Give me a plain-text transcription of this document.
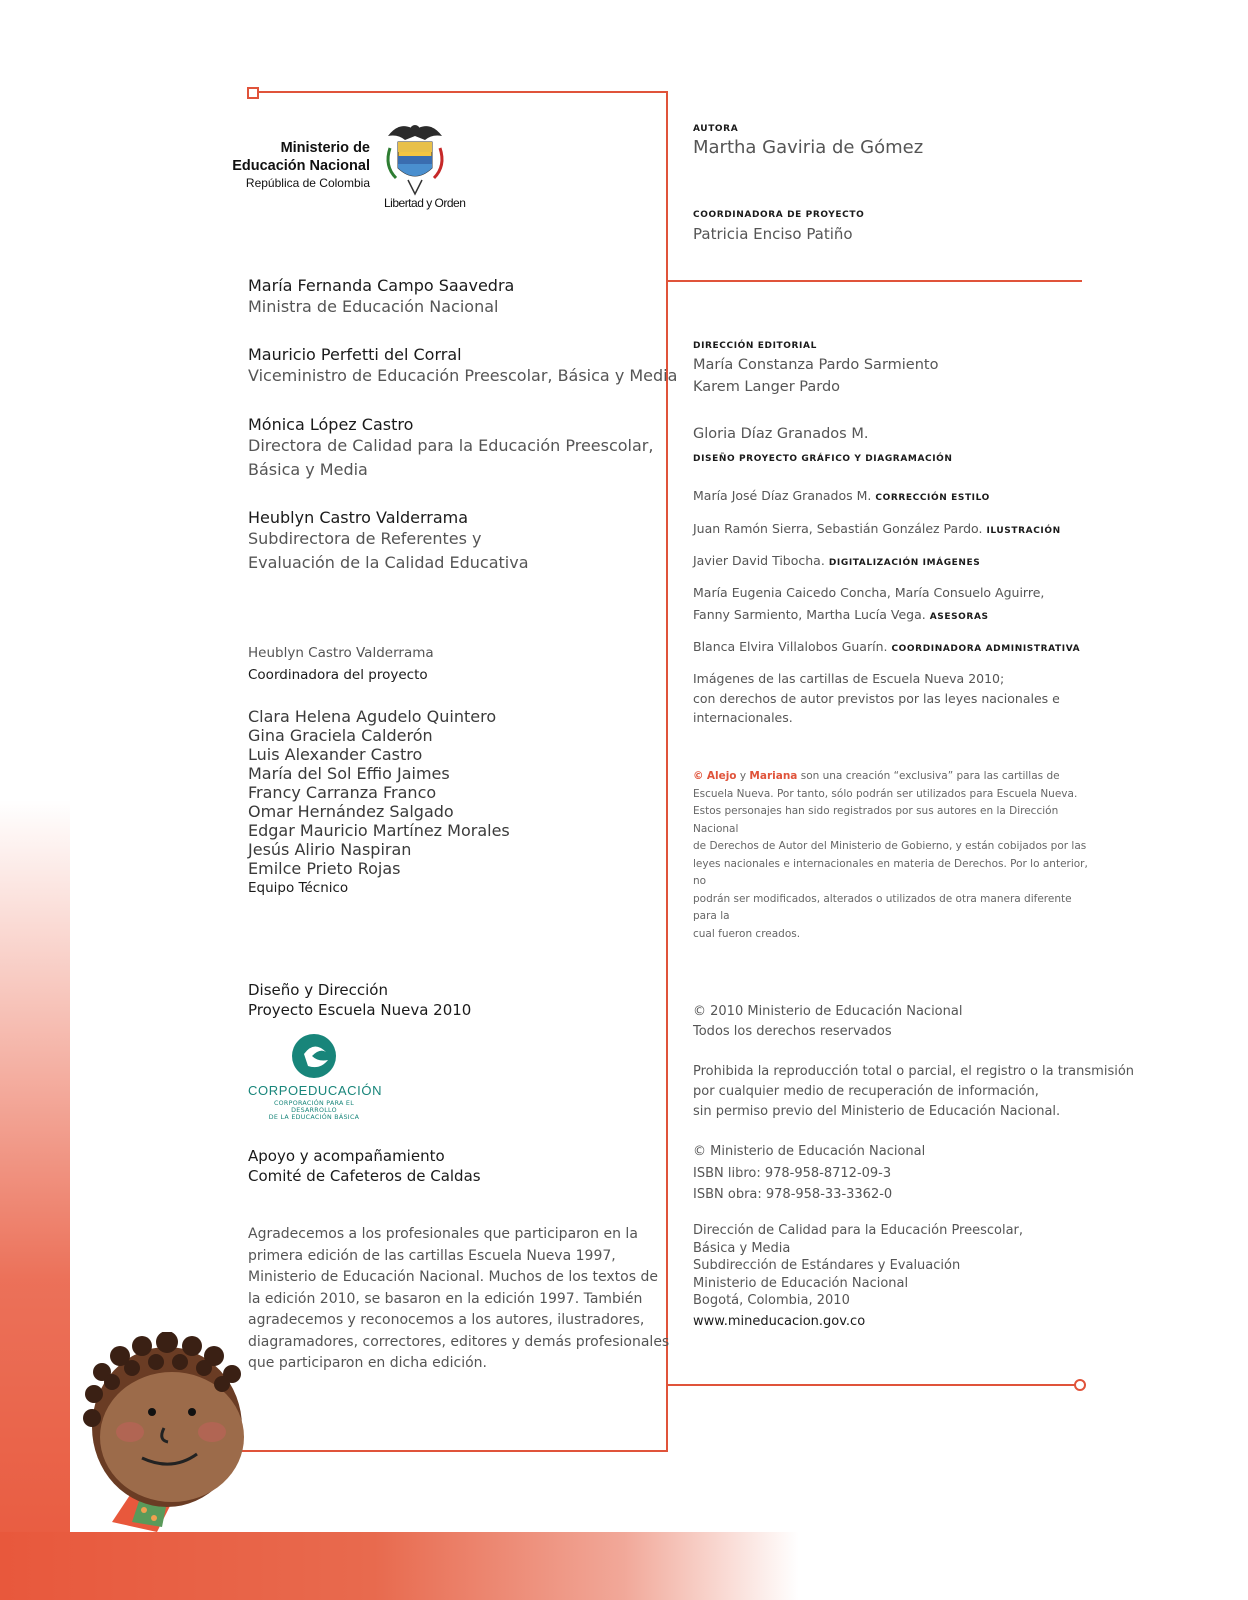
Ministerio de
Educación Nacional
República de Colombia
Libertad y Orden
María Fernanda Campo Saavedra
Ministra de Educación Nacional
Mauricio Perfetti del Corral
Viceministro de Educación Preescolar, Básica y Media
Mónica López Castro
Directora de Calidad para la Educación Preescolar,
Básica y Media
Heublyn Castro Valderrama
Subdirectora de Referentes y
Evaluación de la Calidad Educativa
Heublyn Castro Valderrama
Coordinadora del proyecto
Clara Helena Agudelo Quintero
Gina Graciela Calderón
Luis Alexander Castro
María del Sol Effio Jaimes
Francy Carranza Franco
Omar Hernández Salgado
Edgar Mauricio Martínez Morales
Jesús Alirio Naspiran
Emilce Prieto Rojas
Equipo Técnico
Diseño y Dirección
Proyecto Escuela Nueva 2010
CORPOEDUCACIÓN
CORPORACIÓN PARA EL DESARROLLO
DE LA EDUCACIÓN BÁSICA
Apoyo y acompañamiento
Comité de Cafeteros de Caldas
Agradecemos a los profesionales que participaron en la
primera edición de las cartillas Escuela Nueva 1997,
Ministerio de Educación Nacional. Muchos de los textos de
la edición 2010, se basaron en la edición 1997. También
agradecemos y reconocemos a los autores, ilustradores,
diagramadores, correctores, editores y demás profesionales
que participaron en dicha edición.
AUTORA
Martha Gaviria de Gómez
COORDINADORA DE PROYECTO
Patricia Enciso Patiño
DIRECCIÓN EDITORIAL
María Constanza Pardo Sarmiento
Karem Langer Pardo
Gloria Díaz Granados M.
DISEÑO PROYECTO GRÁFICO Y DIAGRAMACIÓN
María José Díaz Granados M. CORRECCIÓN ESTILO
Juan Ramón Sierra, Sebastián González Pardo. ILUSTRACIÓN
Javier David Tibocha. DIGITALIZACIÓN IMÁGENES
María Eugenia Caicedo Concha, María Consuelo Aguirre,
Fanny Sarmiento, Martha Lucía Vega. ASESORAS
Blanca Elvira Villalobos Guarín. COORDINADORA ADMINISTRATIVA
Imágenes de las cartillas de Escuela Nueva 2010;
con derechos de autor previstos por las leyes nacionales e
internacionales.
© Alejo y Mariana son una creación “exclusiva” para las cartillas de
Escuela Nueva. Por tanto, sólo podrán ser utilizados para Escuela Nueva.
Estos personajes han sido registrados por sus autores en la Dirección Nacional
de Derechos de Autor del Ministerio de Gobierno, y están cobijados por las
leyes nacionales e internacionales en materia de Derechos. Por lo anterior, no
podrán ser modificados, alterados o utilizados de otra manera diferente para la
cual fueron creados.
© 2010 Ministerio de Educación Nacional
Todos los derechos reservados
Prohibida la reproducción total o parcial, el registro o la transmisión
por cualquier medio de recuperación de información,
sin permiso previo del Ministerio de Educación Nacional.
© Ministerio de Educación Nacional
ISBN libro: 978-958-8712-09-3
ISBN obra: 978-958-33-3362-0
Dirección de Calidad para la Educación Preescolar,
Básica y Media
Subdirección de Estándares y Evaluación
Ministerio de Educación Nacional
Bogotá, Colombia, 2010
www.mineducacion.gov.co
